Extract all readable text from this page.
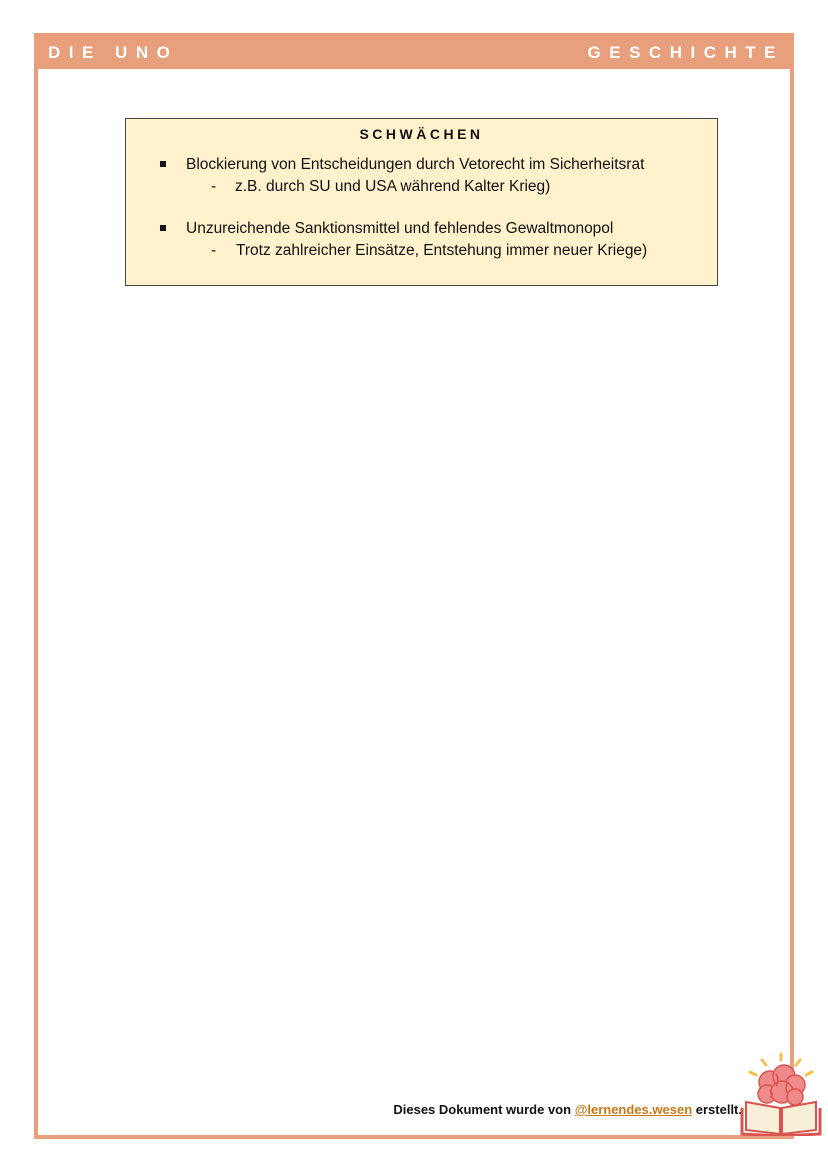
DIE UNO	GESCHICHTE
SCHWÄCHEN
Blockierung von Entscheidungen durch Vetorecht im Sicherheitsrat
- z.B. durch SU und USA während Kalter Krieg)
Unzureichende Sanktionsmittel und fehlendes Gewaltmonopol
- Trotz zahlreicher Einsätze, Entstehung immer neuer Kriege)
Dieses Dokument wurde von @lernendes.wesen erstellt.
